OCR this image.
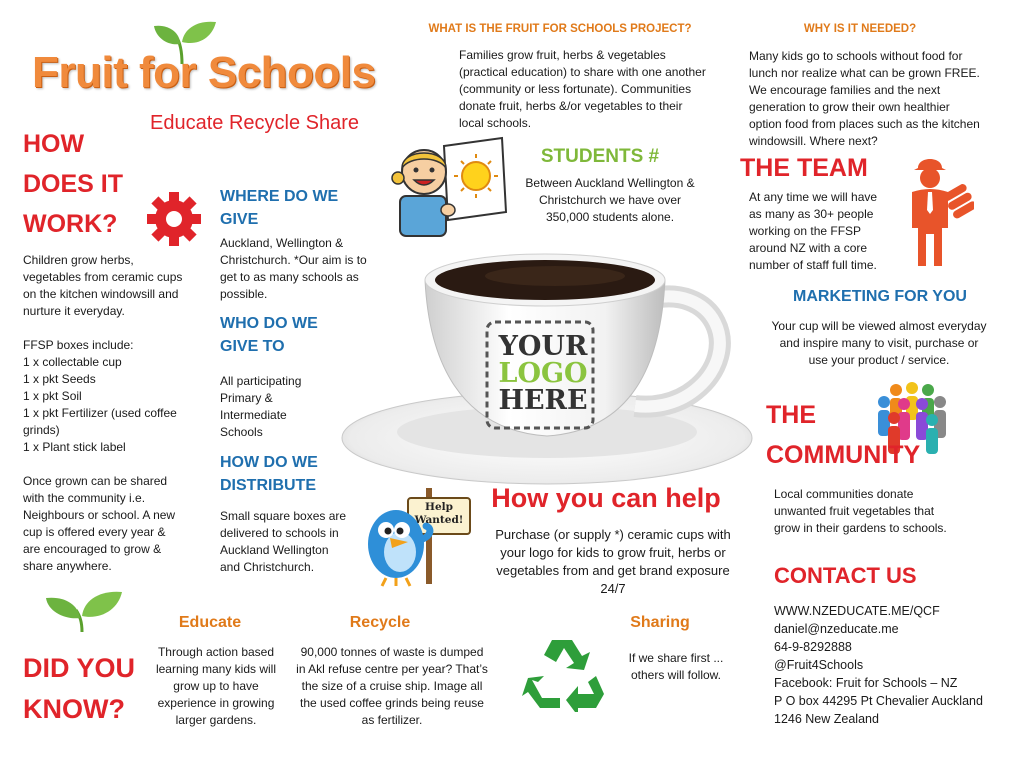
Fruit for Schools
Educate Recycle Share
HOW
DOES IT
WORK?
Children grow herbs,
vegetables from ceramic cups
on the kitchen windowsill and
nurture it everyday.
FFSP boxes include:
1 x collectable cup
1 x pkt Seeds
1 x pkt Soil
1 x pkt Fertilizer (used coffee
grinds)
1 x Plant stick label
Once grown can be shared
with the community i.e.
Neighbours or school. A new
cup is offered every year &
are encouraged to grow &
share anywhere.
WHERE DO WE
GIVE
Auckland, Wellington &
Christchurch. *Our aim is to
get to as many schools as
possible.
WHO DO WE
GIVE TO
All participating
Primary &
Intermediate
Schools
HOW DO WE
DISTRIBUTE
Small square boxes are
delivered to schools in
Auckland Wellington
and Christchurch.
WHAT IS THE FRUIT FOR SCHOOLS PROJECT?
Families grow fruit, herbs & vegetables
(practical education) to share with one another
(community or less fortunate). Communities
donate fruit, herbs &/or vegetables to their
local schools.
WHY IS IT NEEDED?
Many kids go to schools without food for
lunch nor realize what can be grown FREE.
We encourage families and the next
generation to grow their own healthier
option food from places such as the kitchen
windowsill. Where next?
STUDENTS #
Between Auckland Wellington &
Christchurch we have over
350,000 students alone.
THE TEAM
At any time we will have
as many as 30+ people
working on the FFSP
around NZ with a core
number of staff full time.
MARKETING FOR YOU
Your cup will be viewed almost everyday
and inspire many to visit, purchase or
use your product / service.
YOUR
LOGO
HERE	THE
COMMUNITY
Local communities donate
unwanted fruit vegetables that
grow in their gardens to schools.
Help
Wanted!
How you can help
Purchase (or supply *) ceramic cups with
your logo for kids to grow fruit, herbs or
vegetables from and get brand exposure
24/7
CONTACT US
WWW.NZEDUCATE.ME/QCF
daniel@nzeducate.me
64-9-8292888
@Fruit4Schools
Facebook: Fruit for Schools – NZ
P O box 44295 Pt Chevalier Auckland
1246 New Zealand
DID YOU
KNOW?
Educate
Through action based
learning many kids will
grow up to have
experience in growing
larger gardens.
Recycle
90,000 tonnes of waste is dumped
in Akl refuse centre per year? That’s
the size of a cruise ship. Image all
the used coffee grinds being reuse
as fertilizer.
Sharing
If we share first ...
others will follow.
